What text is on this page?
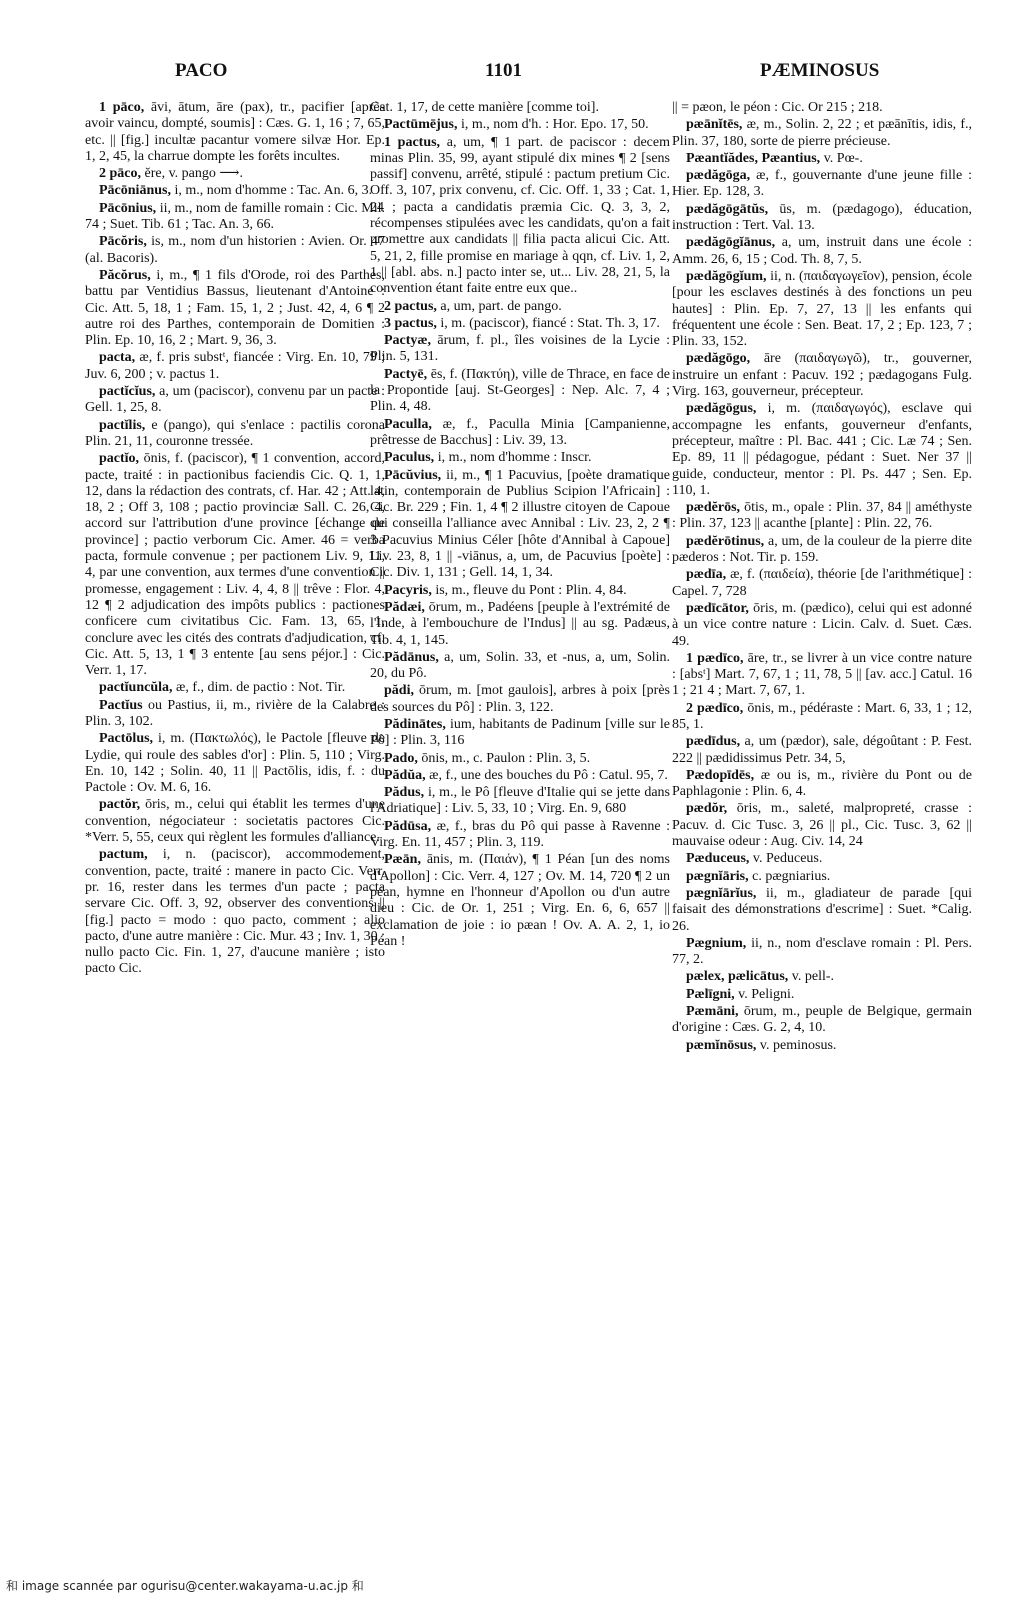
PACO	1101	PÆMINOSUS

1 pāco, āvi, ātum, āre (pax), tr., pacifier [après avoir vaincu, dompté, soumis] : Cæs. G. 1, 16 ; 7, 65, etc. || [fig.] incultæ pacantur vomere silvæ Hor. Ep. 1, 2, 45, la charrue dompte les forêts incultes.

2 pāco, ĕre, v. pango ⟶.

Pācōniānus, i, m., nom d'homme : Tac. An. 6, 3.

Pācōnius, ii, m., nom de famille romain : Cic. Mil. 74 ; Suet. Tib. 61 ; Tac. An. 3, 66.

Pācŏris, is, m., nom d'un historien : Avien. Or. 47 (al. Bacoris).

Păcŏrus, i, m., ¶ 1 fils d'Orode, roi des Parthes, battu par Ventidius Bassus, lieutenant d'Antoine : Cic. Att. 5, 18, 1 ; Fam. 15, 1, 2 ; Just. 42, 4, 6 ¶ 2 autre roi des Parthes, contemporain de Domitien : Plin. Ep. 10, 16, 2 ; Mart. 9, 36, 3.

pacta, æ, f. pris substᵗ, fiancée : Virg. En. 10, 79 ; Juv. 6, 200 ; v. pactus 1.

pactĭcĭus, a, um (paciscor), convenu par un pacte : Gell. 1, 25, 8.

pactĭlis, e (pango), qui s'enlace : pactilis corona Plin. 21, 11, couronne tressée.

pactĭo, ōnis, f. (paciscor), ¶ 1 convention, accord, pacte, traité : in pactionibus faciendis Cic. Q. 1, 1, 12, dans la rédaction des contrats, cf. Har. 42 ; Att. 4, 18, 2 ; Off 3, 108 ; pactio provinciæ Sall. C. 26, 4, accord sur l'attribution d'une province [échange de province] ; pactio verborum Cic. Amer. 46 = verba pacta, formule convenue ; per pactionem Liv. 9, 11, 4, par une convention, aux termes d'une convention || promesse, engagement : Liv. 4, 4, 8 || trêve : Flor. 4, 12 ¶ 2 adjudication des impôts publics : pactiones conficere cum civitatibus Cic. Fam. 13, 65, 1, conclure avec les cités des contrats d'adjudication, cf. Cic. Att. 5, 13, 1 ¶ 3 entente [au sens péjor.] : Cic. Verr. 1, 17.

pactĭuncŭla, æ, f., dim. de pactio : Not. Tir.

Pactĭus ou Pastius, ii, m., rivière de la Calabre : Plin. 3, 102.

Pactōlus, i, m. (Πακτωλός), le Pactole [fleuve de Lydie, qui roule des sables d'or] : Plin. 5, 110 ; Virg. En. 10, 142 ; Solin. 40, 11 || Pactōlis, idis, f. : du Pactole : Ov. M. 6, 16.

pactŏr, ōris, m., celui qui établit les termes d'une convention, négociateur : societatis pactores Cic. *Verr. 5, 55, ceux qui règlent les formules d'alliance.

pactum, i, n. (paciscor), accommodement, convention, pacte, traité : manere in pacto Cic. Verr. pr. 16, rester dans les termes d'un pacte ; pacta servare Cic. Off. 3, 92, observer des conventions || [fig.] pacto = modo : quo pacto, comment ; alio pacto, d'une autre manière : Cic. Mur. 43 ; Inv. 1, 30 ; nullo pacto Cic. Fin. 1, 27, d'aucune manière ; isto pacto Cic.

Cat. 1, 17, de cette manière [comme toi].

Pactūmējus, i, m., nom d'h. : Hor. Epo. 17, 50.

1 pactus, a, um, ¶ 1 part. de paciscor : decem minas Plin. 35, 99, ayant stipulé dix mines ¶ 2 [sens passif] convenu, arrêté, stipulé : pactum pretium Cic. Off. 3, 107, prix convenu, cf. Cic. Off. 1, 33 ; Cat. 1, 24 ; pacta a candidatis præmia Cic. Q. 3, 3, 2, récompenses stipulées avec les candidats, qu'on a fait promettre aux candidats || filia pacta alicui Cic. Att. 5, 21, 2, fille promise en mariage à qqn, cf. Liv. 1, 2, 1 || [abl. abs. n.] pacto inter se, ut... Liv. 28, 21, 5, la convention étant faite entre eux que..

2 pactus, a, um, part. de pango.

3 pactus, i, m. (paciscor), fiancé : Stat. Th. 3, 17.

Pactyæ, ārum, f. pl., îles voisines de la Lycie : Plin. 5, 131.

Pactyē, ēs, f. (Πακτύη), ville de Thrace, en face de la Propontide [auj. St-Georges] : Nep. Alc. 7, 4 ; Plin. 4, 48.

Paculla, æ, f., Paculla Minia [Campanienne, prêtresse de Bacchus] : Liv. 39, 13.

Paculus, i, m., nom d'homme : Inscr.

Pācŭvius, ii, m., ¶ 1 Pacuvius, [poète dramatique latin, contemporain de Publius Scipion l'Africain] : Cic. Br. 229 ; Fin. 1, 4 ¶ 2 illustre citoyen de Capoue qui conseilla l'alliance avec Annibal : Liv. 23, 2, 2 ¶ 3 Pacuvius Minius Céler [hôte d'Annibal à Capoue] Liv. 23, 8, 1 || -viānus, a, um, de Pacuvius [poète] : Cic. Div. 1, 131 ; Gell. 14, 1, 34.

Pacyris, is, m., fleuve du Pont : Plin. 4, 84.

Pădæi, ōrum, m., Padéens [peuple à l'extrémité de l'Inde, à l'embouchure de l'Indus] || au sg. Padæus, Tib. 4, 1, 145.

Pădānus, a, um, Solin. 33, et -nus, a, um, Solin. 20, du Pô.

pădi, ōrum, m. [mot gaulois], arbres à poix [près des sources du Pô] : Plin. 3, 122.

Pădinātes, ium, habitants de Padinum [ville sur le Pô] : Plin. 3, 116

Pado, ōnis, m., c. Paulon : Plin. 3, 5.

Pădŭa, æ, f., une des bouches du Pô : Catul. 95, 7.

Pădus, i, m., le Pô [fleuve d'Italie qui se jette dans l'Adriatique] : Liv. 5, 33, 10 ; Virg. En. 9, 680

Pădūsa, æ, f., bras du Pô qui passe à Ravenne : Virg. En. 11, 457 ; Plin. 3, 119.

Pæān, ānis, m. (Παιάν), ¶ 1 Péan [un des noms d'Apollon] : Cic. Verr. 4, 127 ; Ov. M. 14, 720 ¶ 2 un péan, hymne en l'honneur d'Apollon ou d'un autre dieu : Cic. de Or. 1, 251 ; Virg. En. 6, 6, 657 || exclamation de joie : io pæan ! Ov. A. A. 2, 1, io Péan !

|| = pæon, le péon : Cic. Or 215 ; 218.

pæānĭtēs, æ, m., Solin. 2, 22 ; et pæānītis, idis, f., Plin. 37, 180, sorte de pierre précieuse.

Pæantĭădes, Pæantius, v. Pœ-.

pædăgōga, æ, f., gouvernante d'une jeune fille : Hier. Ep. 128, 3.

pædăgōgātŭs, ūs, m. (pædagogo), éducation, instruction : Tert. Val. 13.

pædăgōgĭānus, a, um, instruit dans une école : Amm. 26, 6, 15 ; Cod. Th. 8, 7, 5.

pædăgōgĭum, ii, n. (παιδαγωγεῖον), pension, école [pour les esclaves destinés à des fonctions un peu hautes] : Plin. Ep. 7, 27, 13 || les enfants qui fréquentent une école : Sen. Beat. 17, 2 ; Ep. 123, 7 ; Plin. 33, 152.

pædăgōgo, āre (παιδαγωγῶ), tr., gouverner, instruire un enfant : Pacuv. 192 ; pædagogans Fulg. Virg. 163, gouverneur, précepteur.

pædăgōgus, i, m. (παιδαγωγός), esclave qui accompagne les enfants, gouverneur d'enfants, précepteur, maître : Pl. Bac. 441 ; Cic. Læ 74 ; Sen. Ep. 89, 11 || pédagogue, pédant : Suet. Ner 37 || guide, conducteur, mentor : Pl. Ps. 447 ; Sen. Ep. 110, 1.

pædĕrōs, ōtis, m., opale : Plin. 37, 84 || améthyste : Plin. 37, 123 || acanthe [plante] : Plin. 22, 76.

pædĕrōtinus, a, um, de la couleur de la pierre dite pæderos : Not. Tir. p. 159.

pædīa, æ, f. (παιδεία), théorie [de l'arithmétique] : Capel. 7, 728

pædīcātor, ōris, m. (pædico), celui qui est adonné à un vice contre nature : Licin. Calv. d. Suet. Cæs. 49.

1 pædīco, āre, tr., se livrer à un vice contre nature : [absᵗ] Mart. 7, 67, 1 ; 11, 78, 5 || [av. acc.] Catul. 16 1 ; 21 4 ; Mart. 7, 67, 1.

2 pædīco, ōnis, m., pédéraste : Mart. 6, 33, 1 ; 12, 85, 1.

pædīdus, a, um (pædor), sale, dégoûtant : P. Fest. 222 || pædidissimus Petr. 34, 5,

Pædopīdēs, æ ou is, m., rivière du Pont ou de Paphlagonie : Plin. 6, 4.

pædŏr, ōris, m., saleté, malpropreté, crasse : Pacuv. d. Cic Tusc. 3, 26 || pl., Cic. Tusc. 3, 62 || mauvaise odeur : Aug. Civ. 14, 24

Pæduceus, v. Peduceus.

pægnĭāris, c. pægniarius.

pægnĭārĭus, ii, m., gladiateur de parade [qui faisait des démonstrations d'escrime] : Suet. *Calig. 26.

Pægnium, ii, n., nom d'esclave romain : Pl. Pers. 77, 2.

pælex, pælicātus, v. pell-.

Pælīgni, v. Peligni.

Pæmāni, ōrum, m., peuple de Belgique, germain d'origine : Cæs. G. 2, 4, 10.

pæmĭnōsus, v. peminosus.

和 image scannée par ogurisu@center.wakayama-u.ac.jp 和
